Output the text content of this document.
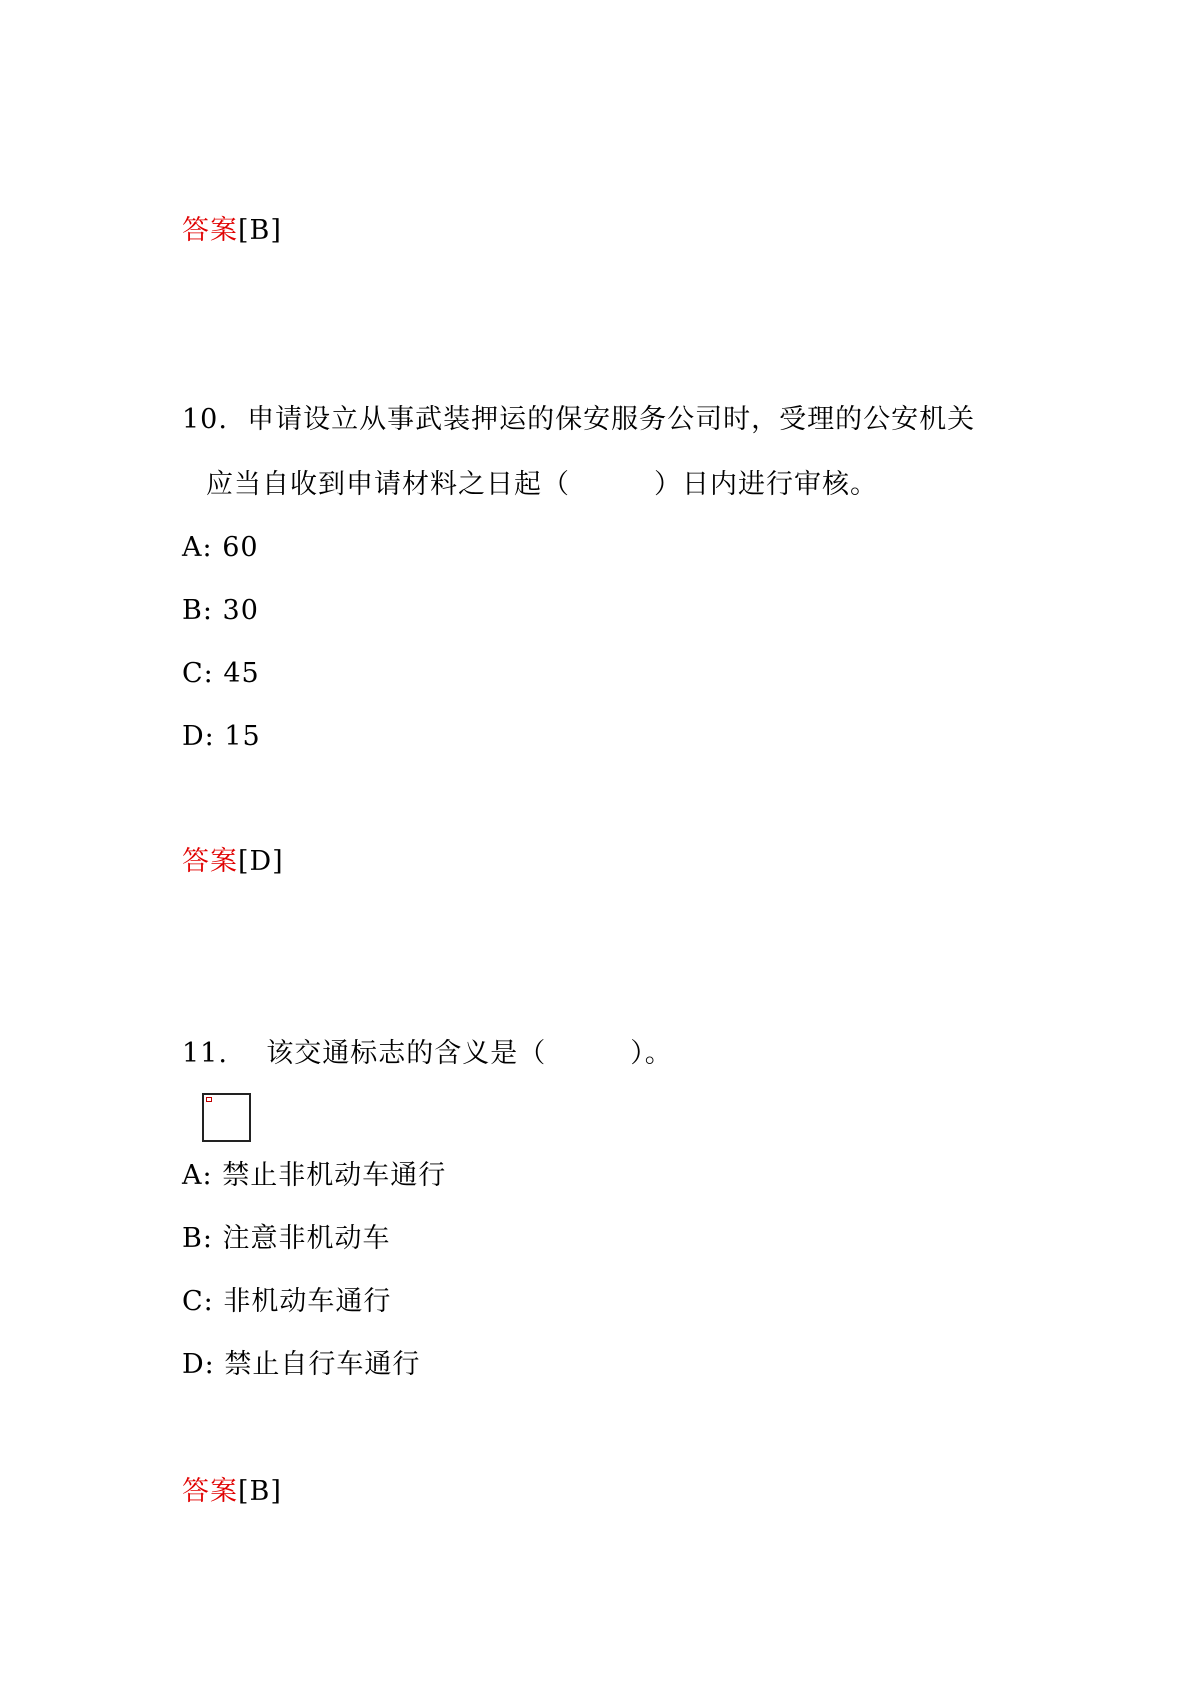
答案[B]
10. 申请设立从事武装押运的保安服务公司时，受理的公安机关
应当自收到申请材料之日起（　　　）日内进行审核。
A: 60
B: 30
C: 45
D: 15
答案[D]
11. 该交通标志的含义是（　　　）。
A: 禁止非机动车通行
B: 注意非机动车
C: 非机动车通行
D: 禁止自行车通行
答案[B]
